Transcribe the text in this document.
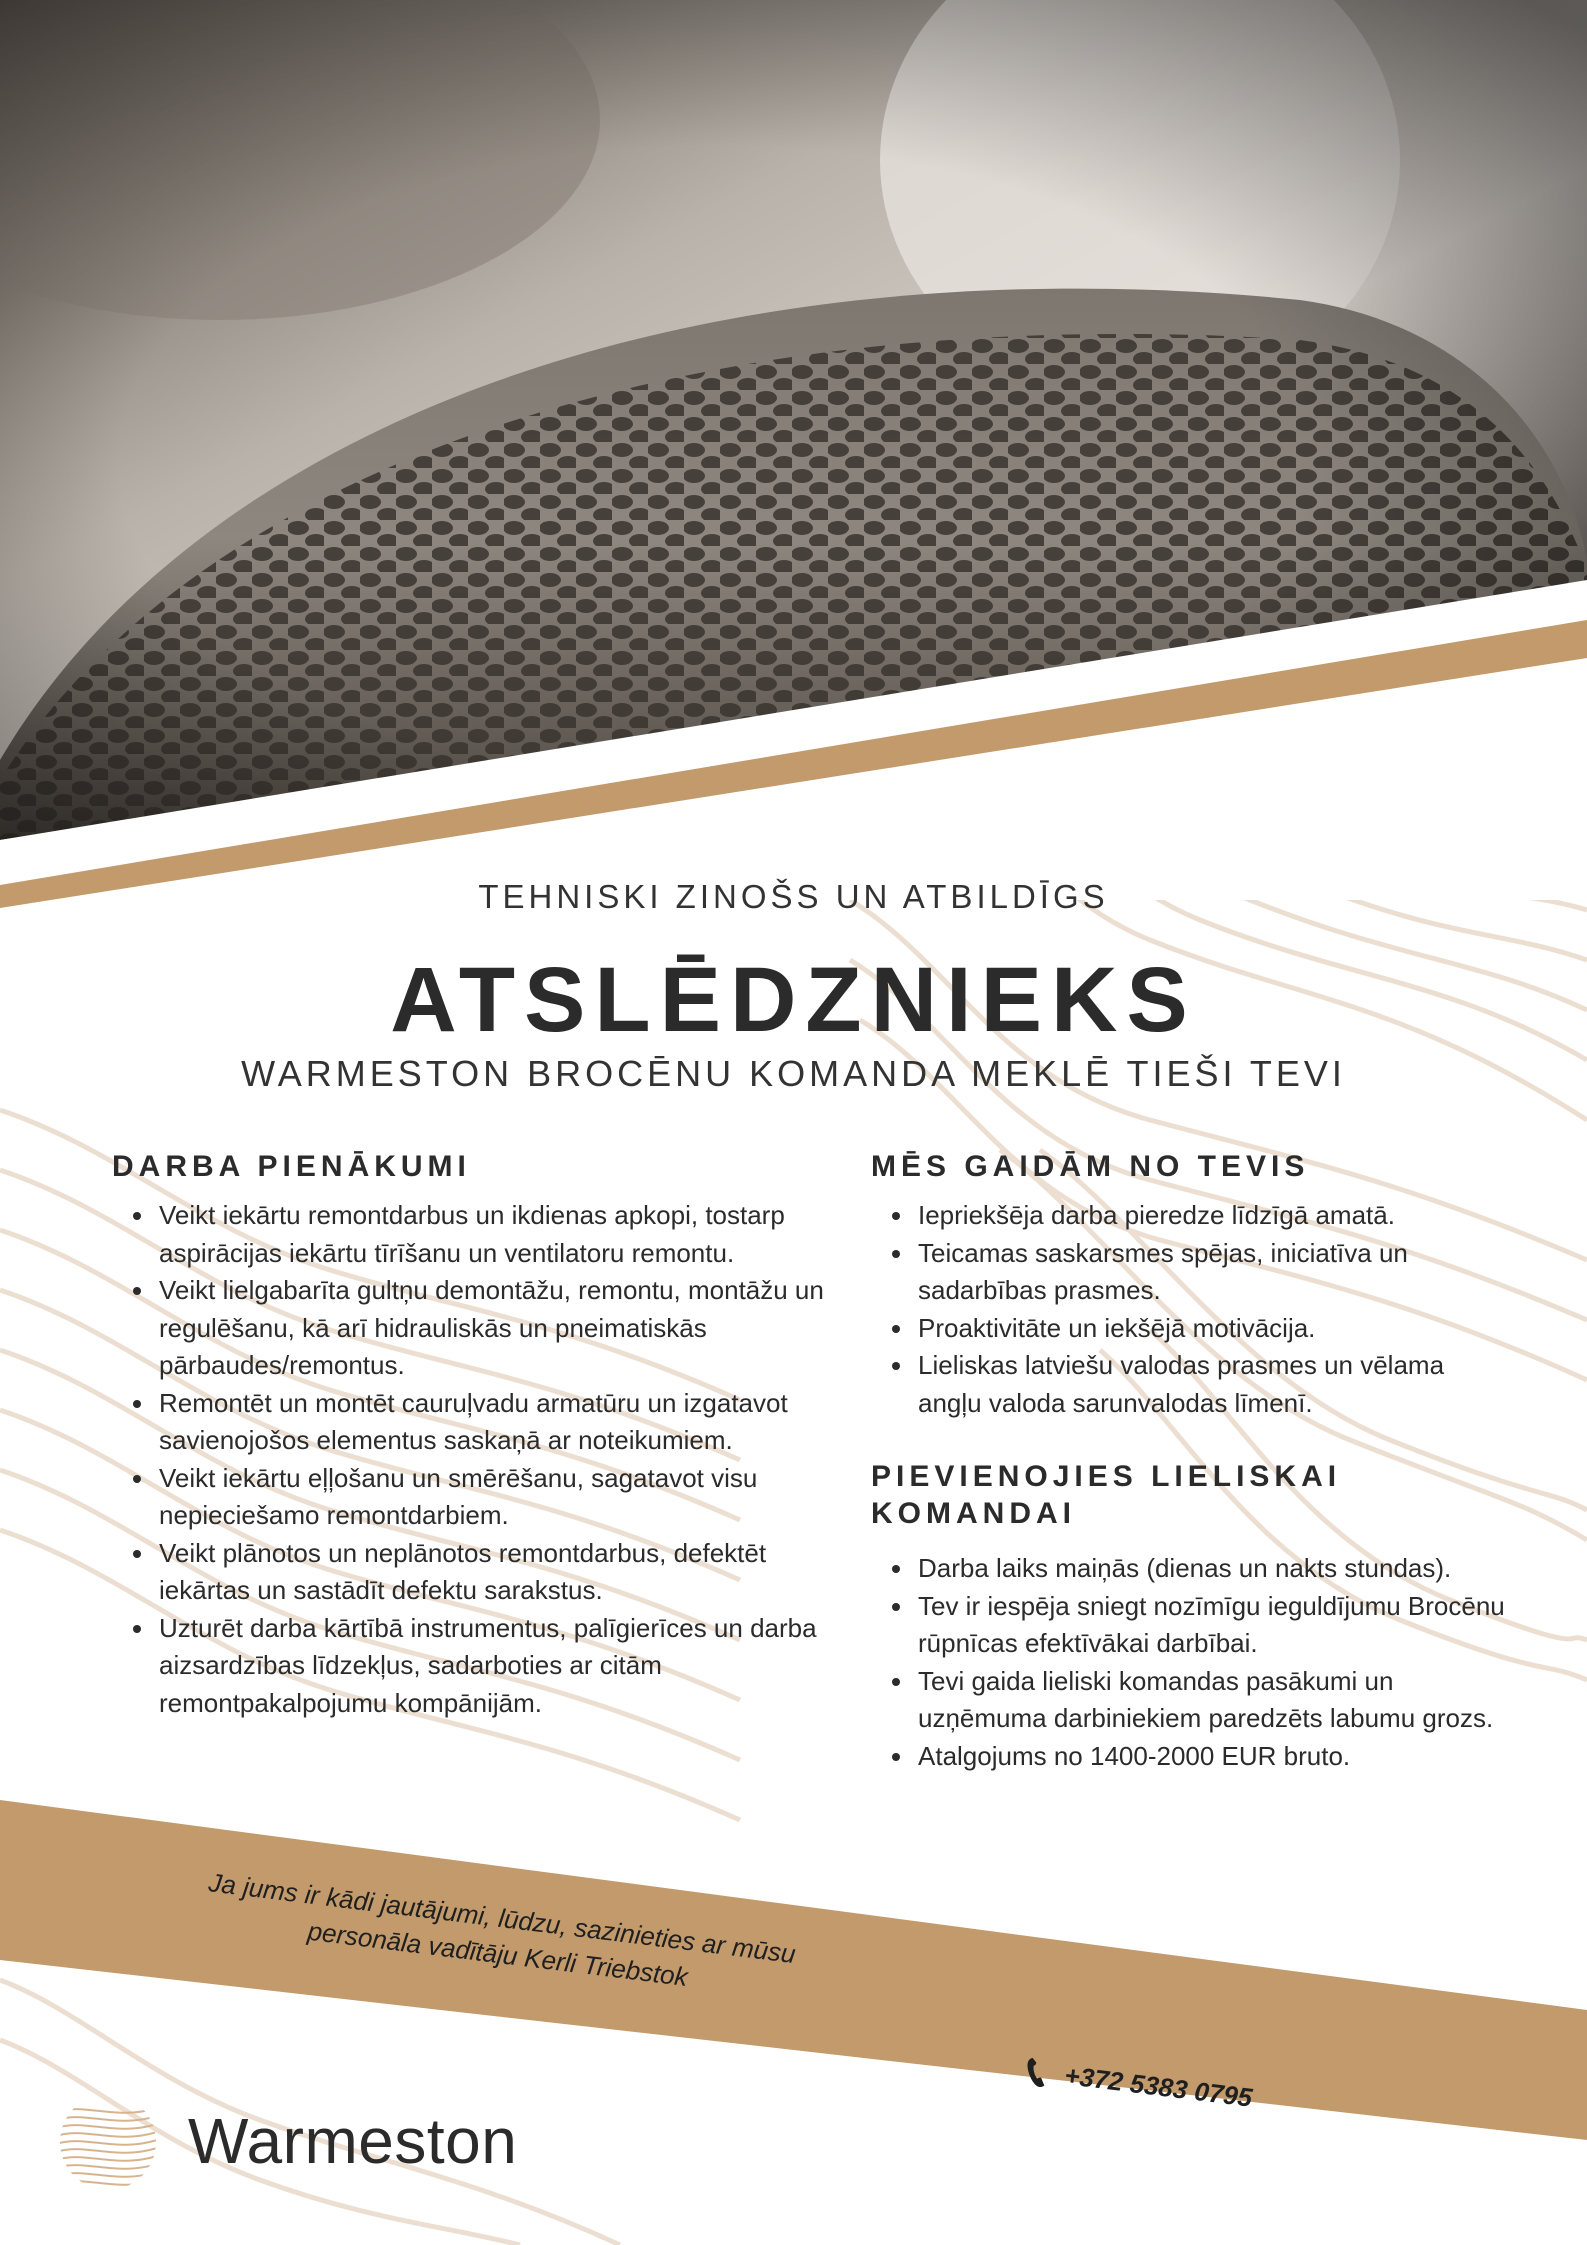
TEHNISKI ZINOŠS UN ATBILDĪGS
ATSLĒDZNIEKS
WARMESTON BROCĒNU KOMANDA MEKLĒ TIEŠI TEVI
DARBA PIENĀKUMI
Veikt iekārtu remontdarbus un ikdienas apkopi, tostarp aspirācijas iekārtu tīrīšanu un ventilatoru remontu.
Veikt lielgabarīta gultņu demontāžu, remontu, montāžu un regulēšanu, kā arī hidrauliskās un pneimatiskās pārbaudes/remontus.
Remontēt un montēt cauruļvadu armatūru un izgatavot savienojošos elementus saskaņā ar noteikumiem.
Veikt iekārtu eļļošanu un smērēšanu, sagatavot visu nepieciešamo remontdarbiem.
Veikt plānotos un neplānotos remontdarbus, defektēt iekārtas un sastādīt defektu sarakstus.
Uzturēt darba kārtībā instrumentus, palīgierīces un darba aizsardzības līdzekļus, sadarboties ar citām remontpakalpojumu kompānijām.
MĒS GAIDĀM NO TEVIS
Iepriekšēja darba pieredze līdzīgā amatā.
Teicamas saskarsmes spējas, iniciatīva un sadarbības prasmes.
Proaktivitāte un iekšējā motivācija.
Lieliskas latviešu valodas prasmes un vēlama angļu valoda sarunvalodas līmenī.
PIEVIENOJIES LIELISKAI KOMANDAI
Darba laiks maiņās (dienas un nakts stundas).
Tev ir iespēja sniegt nozīmīgu ieguldījumu Brocēnu rūpnīcas efektīvākai darbībai.
Tevi gaida lieliski komandas pasākumi un uzņēmuma darbiniekiem paredzēts labumu grozs.
Atalgojums no 1400-2000 EUR bruto.
Ja jums ir kādi jautājumi, lūdzu, sazinieties ar mūsu personāla vadītāju Kerli Triebstok
+372 5383 0795
Warmeston
